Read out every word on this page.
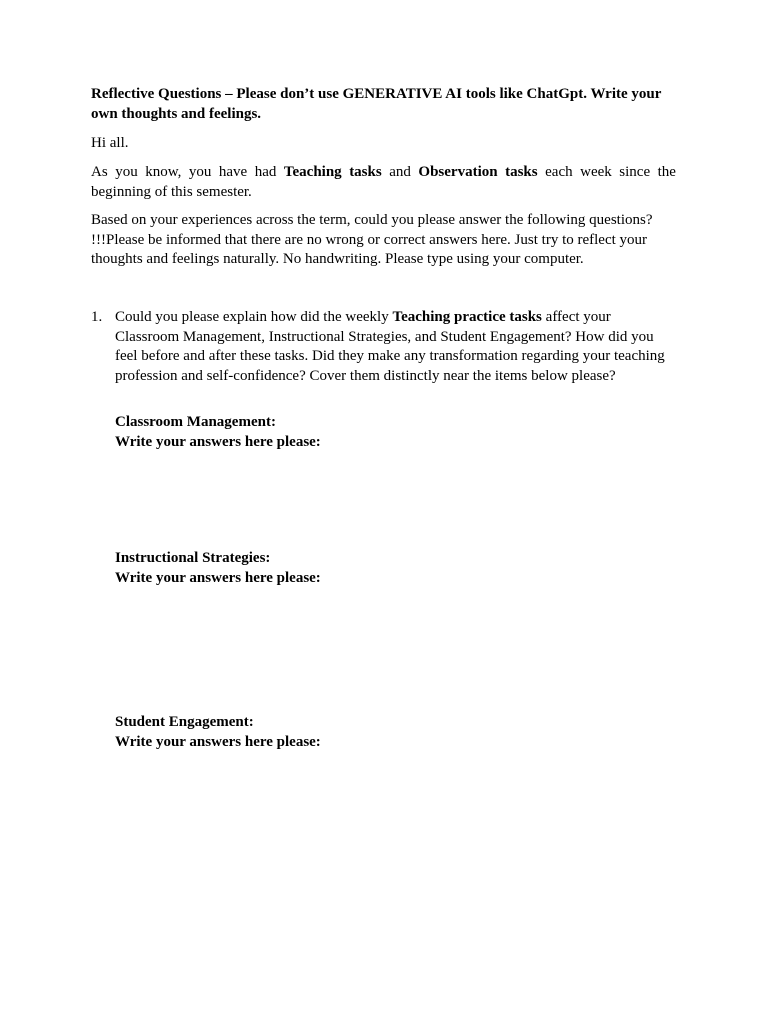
Reflective Questions – Please don’t use GENERATIVE AI tools like ChatGpt. Write your own thoughts and feelings.
Hi all.
As you know, you have had Teaching tasks and Observation tasks each week since the beginning of this semester.
Based on your experiences across the term, could you please answer the following questions? !!!Please be informed that there are no wrong or correct answers here. Just try to reflect your thoughts and feelings naturally. No handwriting. Please type using your computer.
1. Could you please explain how did the weekly Teaching practice tasks affect your Classroom Management, Instructional Strategies, and Student Engagement? How did you feel before and after these tasks. Did they make any transformation regarding your teaching profession and self-confidence? Cover them distinctly near the items below please?
Classroom Management:
Write your answers here please:
Instructional Strategies:
Write your answers here please:
Student Engagement:
Write your answers here please:
